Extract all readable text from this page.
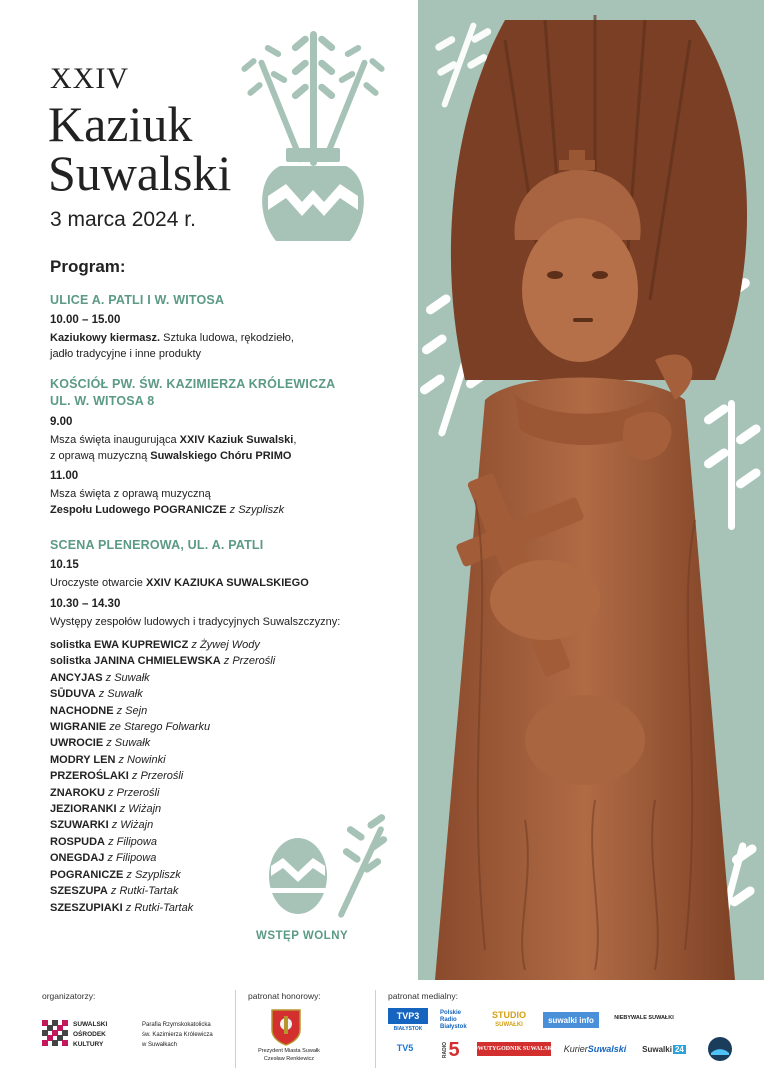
XXIV
Kaziuk
Suwalski
3 marca 2024 r.
Program:
ULICE A. PATLI I W. WITOSA
10.00 – 15.00
Kaziukowy kiermasz. Sztuka ludowa, rękodzieło,
jadło tradycyjne i inne produkty
KOŚCIÓŁ PW. ŚW. KAZIMIERZA KRÓLEWICZA
UL. W. WITOSA 8
9.00
Msza święta inaugurująca XXIV Kaziuk Suwalski,
z oprawą muzyczną Suwalskiego Chóru PRIMO
11.00
Msza święta z oprawą muzyczną
Zespołu Ludowego POGRANICZE z Szypliszk
SCENA PLENEROWA, UL. A. PATLI
10.15
Uroczyste otwarcie XXIV KAZIUKA SUWALSKIEGO
10.30 – 14.30
Występy zespołów ludowych i tradycyjnych Suwalszczyzny:
solistka EWA KUPREWICZ z Żywej Wody
solistka JANINA CHMIELEWSKA z Przerośli
ANCYJAS z Suwałk
SŪDUVA z Suwałk
NACHODNE z Sejn
WIGRANIE ze Starego Folwarku
UWROCIE z Suwałk
MODRY LEN z Nowinki
PRZEROŚLAKI z Przerośli
ZNAROKU z Przerośli
JEZIORANKI z Wiżajn
SZUWARKI z Wiżajn
ROSPUDA z Filipowa
ONEGDAJ z Filipowa
POGRANICZE z Szypliszk
SZESZUPA z Rutki-Tartak
SZESZUPIAKI z Rutki-Tartak
WSTĘP WOLNY
organizatorzy:	patronat honorowy:	patronat medialny:
SUWALSKI
OŚRODEK
KULTURY
Parafia Rzymskokatolicka
św. Kazimierza Królewicza
w Suwałkach
Prezydent Miasta Suwałk
Czesław Renkiewicz
TVP3
BIAŁYSTOK
Polskie
Radio
Białystok
STUDIO
SUWAŁKI
suwalki info	NIEBYWALE SUWAŁKI
TV5	RADIO 5 DWUTYGODNIK SUWALSKI Kurier Suwalski Suwalki 24
